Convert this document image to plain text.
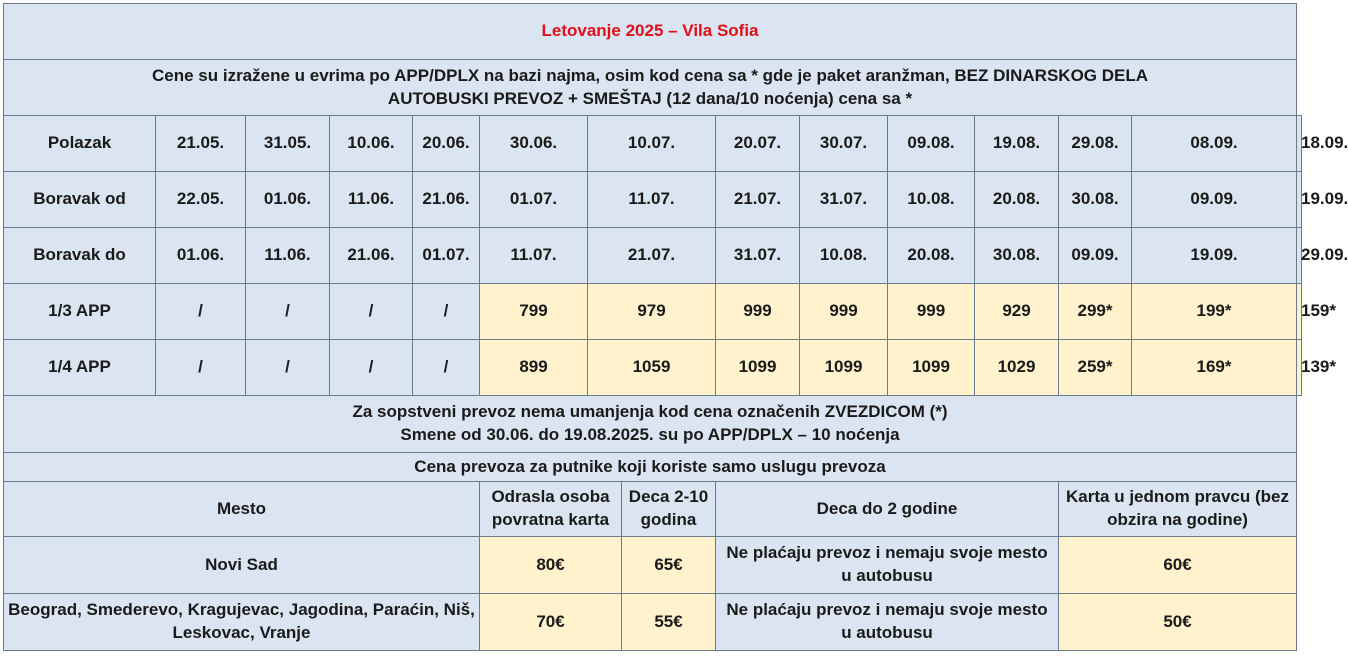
Letovanje 2025 – Vila Sofia														

Cene su izražene u evrima po APP/DPLX na bazi najma, osim kod cena sa * gde je paket aranžman, BEZ DINARSKOG DELA
AUTOBUSKI PREVOZ + SMEŠTAJ (12 dana/10 noćenja) cena sa *														

Polazak	21.05.	31.05.	10.06.	20.06.	30.06.	10.07.		20.07.	30.07.	09.08.	19.08.	29.08.	08.09.	18.09.
Boravak od	22.05.	01.06.	11.06.	21.06.	01.07.	11.07.		21.07.	31.07.	10.08.	20.08.	30.08.	09.09.	19.09.
Boravak do	01.06.	11.06.	21.06.	01.07.	11.07.	21.07.		31.07.	10.08.	20.08.	30.08.	09.09.	19.09.	29.09.
1/3 APP	/	/	/	/	799	979		999	999	999	929	299*	199*	159*
1/4 APP	/	/	/	/	899	1059		1099	1099	1099	1029	259*	169*	139*

Za sopstveni prevoz nema umanjenja kod cena označenih ZVEZDICOM (*)
Smene od 30.06. do 19.08.2025. su po APP/DPLX – 10 noćenja														

Cena prevoza za putnike koji koriste samo uslugu prevoza														
Mesto					Odrasla osoba povratna karta		Deca 2-10 godina	Deca do 2 godine				Karta u jednom pravcu (bez obzira na godine)		
Novi Sad					80€		65€	Ne plaćaju prevoz i nemaju svoje mesto u autobusu				60€		
Beograd, Smederevo, Kragujevac, Jagodina, Paraćin, Niš, Leskovac, Vranje					70€		55€	Ne plaćaju prevoz i nemaju svoje mesto u autobusu				50€		
